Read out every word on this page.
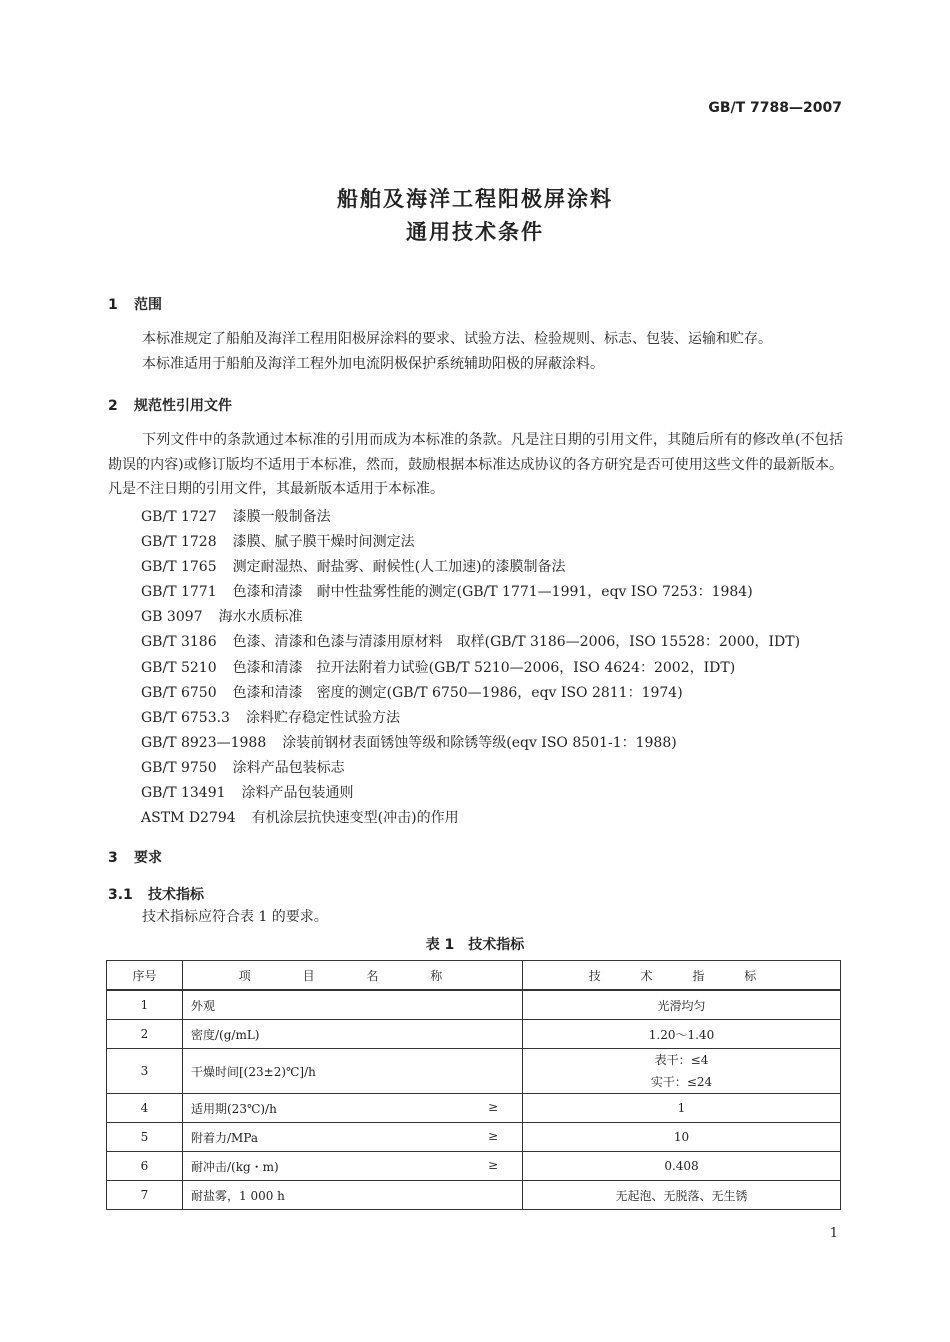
GB/T 7788—2007
船舶及海洋工程阳极屏涂料
通用技术条件
1 范围

本标准规定了船舶及海洋工程用阳极屏涂料的要求、试验方法、检验规则、标志、包装、运输和贮存。

本标准适用于船舶及海洋工程外加电流阴极保护系统辅助阳极的屏蔽涂料。

2 规范性引用文件

下列文件中的条款通过本标准的引用而成为本标准的条款。凡是注日期的引用文件，其随后所有的修改单(不包括勘误的内容)或修订版均不适用于本标准，然而，鼓励根据本标准达成协议的各方研究是否可使用这些文件的最新版本。凡是不注日期的引用文件，其最新版本适用于本标准。

GB/T 1727 漆膜一般制备法
GB/T 1728 漆膜、腻子膜干燥时间测定法
GB/T 1765 测定耐湿热、耐盐雾、耐候性(人工加速)的漆膜制备法
GB/T 1771 色漆和清漆　耐中性盐雾性能的测定(GB/T 1771—1991，eqv ISO 7253：1984)
GB 3097 海水水质标准
GB/T 3186 色漆、清漆和色漆与清漆用原材料　取样(GB/T 3186—2006，ISO 15528：2000，IDT)
GB/T 5210 色漆和清漆　拉开法附着力试验(GB/T 5210—2006，ISO 4624：2002，IDT)
GB/T 6750 色漆和清漆　密度的测定(GB/T 6750—1986，eqv ISO 2811：1974)
GB/T 6753.3 涂料贮存稳定性试验方法
GB/T 8923—1988 涂装前钢材表面锈蚀等级和除锈等级(eqv ISO 8501-1：1988)
GB/T 9750 涂料产品包装标志
GB/T 13491 涂料产品包装通则
ASTM D2794 有机涂层抗快速变型(冲击)的作用
3 要求
3.1 技术指标

技术指标应符合表 1 的要求。

表 1　技术指标
序号	项 目 名 称	技 术 指 标
1	外观	光滑均匀
2	密度/(g/mL)	1.20～1.40
3	干燥时间[(23±2)℃]/h	表干：≤4
实干：≤24

4	适用期(23℃)/h ≥	1
5	附着力/MPa ≥	10
6	耐冲击/(kg・m) ≥	0.408
7	耐盐雾，1 000 h	无起泡、无脱落、无生锈
1
